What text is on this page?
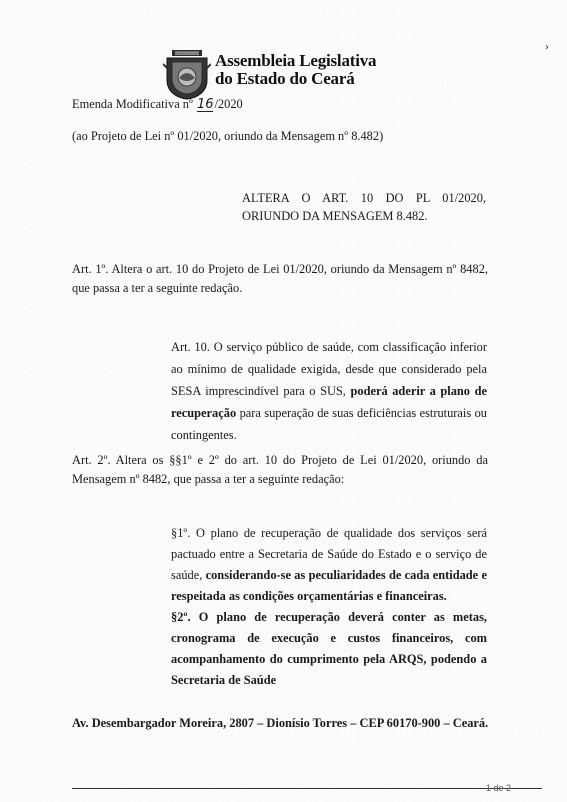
Assembleia Legislativa
do Estado do Ceará
Emenda Modificativa nº 16/2020
(ao Projeto de Lei nº 01/2020, oriundo da Mensagem nº 8.482)
ALTERA O ART. 10 DO PL 01/2020, ORIUNDO DA MENSAGEM 8.482.
Art. 1º. Altera o art. 10 do Projeto de Lei 01/2020, oriundo da Mensagem nº 8482, que passa a ter a seguinte redação.
Art. 10. O serviço público de saúde, com classificação inferior ao mínimo de qualidade exigida, desde que considerado pela SESA imprescindível para o SUS, poderá aderir a plano de recuperação para superação de suas deficiências estruturais ou contingentes.
Art. 2º. Altera os §§1º e 2º do art. 10 do Projeto de Lei 01/2020, oriundo da Mensagem nº 8482, que passa a ter a seguinte redação:
§1º. O plano de recuperação de qualidade dos serviços será pactuado entre a Secretaria de Saúde do Estado e o serviço de saúde, considerando-se as peculiaridades de cada entidade e respeitada as condições orçamentárias e financeiras.
§2º. O plano de recuperação deverá conter as metas, cronograma de execução e custos financeiros, com acompanhamento do cumprimento pela ARQS, podendo a Secretaria de Saúde
Av. Desembargador Moreira, 2807 – Dionísio Torres – CEP 60170-900 – Ceará.
1 de 2
›
